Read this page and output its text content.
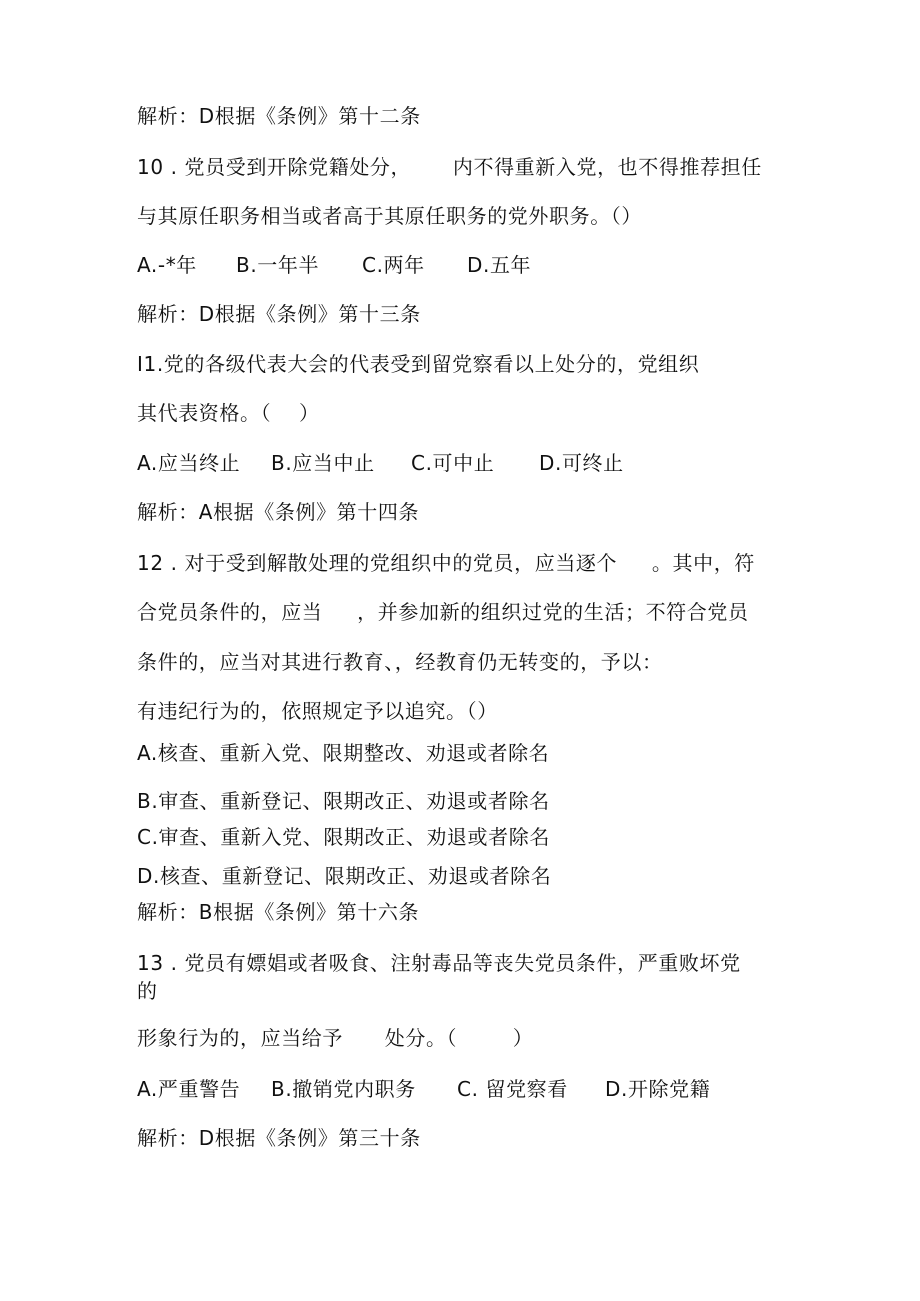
解析：D根据《条例》第十二条
10 . 党员受到开除党籍处分，      内不得重新入党，也不得推荐担任
与其原任职务相当或者高于其原任职务的党外职务。（）

A.-*年

B.一年半

C.两年

D.五年

解析：D根据《条例》第十三条
I1.党的各级代表大会的代表受到留党察看以上处分的，党组织
其代表资格。（    ）

A.应当终止

B.应当中止

C.可中止

D.可终止

解析：A根据《条例》第十四条
12 . 对于受到解散处理的党组织中的党员，应当逐个     。其中，符
合党员条件的，应当     ，并参加新的组织过党的生活；不符合党员
条件的，应当对其进行教育、，经教育仍无转变的，予以：
有违纪行为的，依照规定予以追究。（）
A.核查、重新入党、限期整改、劝退或者除名
B.审查、重新登记、限期改正、劝退或者除名
C.审查、重新入党、限期改正、劝退或者除名
D.核查、重新登记、限期改正、劝退或者除名
解析：B根据《条例》第十六条
13 . 党员有嫖娼或者吸食、注射毒品等丧失党员条件，严重败坏党
的
形象行为的，应当给予      处分。（        ）

A.严重警告

B.撤销党内职务

C. 留党察看

D.开除党籍

解析：D根据《条例》第三十条
